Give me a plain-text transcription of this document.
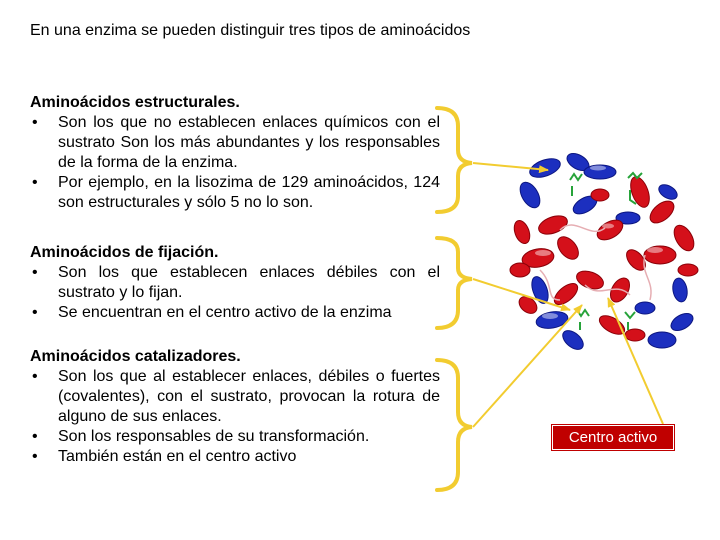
En una enzima se pueden distinguir tres tipos de aminoácidos
Aminoácidos estructurales.
• Son los que no establecen enlaces químicos con el sustrato Son los más abundantes y los responsables de la forma de la enzima.
• Por ejemplo, en la lisozima de 129 aminoácidos, 124 son estructurales y sólo 5 no lo son.
Aminoácidos de fijación.
• Son los que establecen enlaces débiles con el sustrato y lo fijan.
• Se encuentran en el centro activo de la enzima
Aminoácidos catalizadores.
• Son los que al establecer enlaces, débiles o fuertes (covalentes), con el sustrato, provocan la rotura de alguno de sus enlaces.
• Son los responsables de su transformación.
• También están en el centro activo
Centro activo
